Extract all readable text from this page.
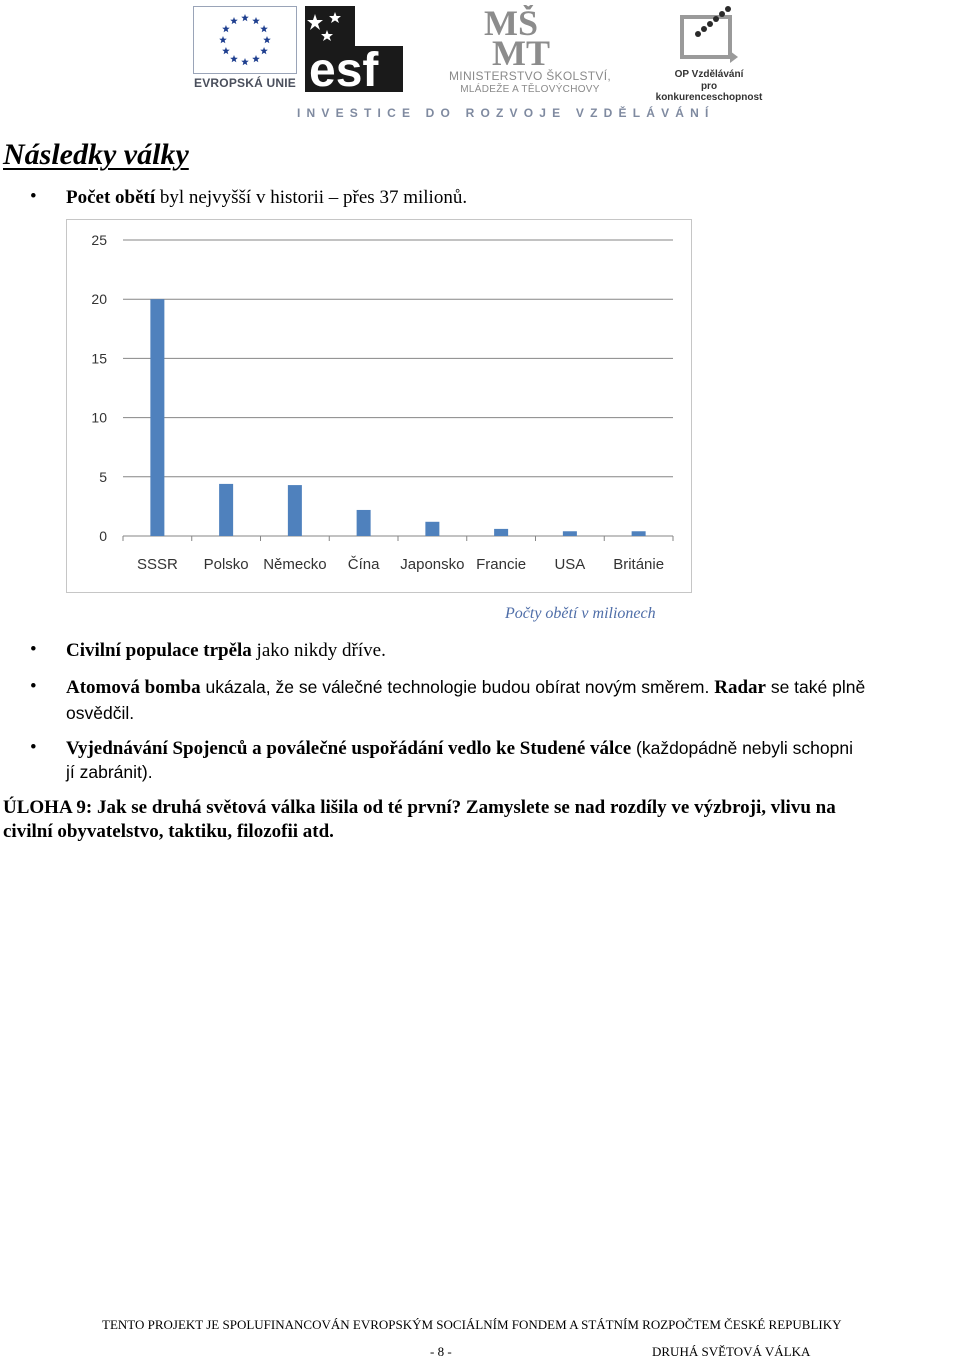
EVROPSKÁ UNIE esf
MŠ
MT
MINISTERSTVO ŠKOLSTVÍ,
MLÁDEŽE A TĚLOVÝCHOVY
OP Vzdělávání
pro konkurenceschopnost
INVESTICE DO ROZVOJE VZDĚLÁVÁNÍ
Následky války
• Počet obětí byl nejvyšší v historii – přes 37 milionů.
0
5
10
15
20
25
SSSR Polsko Německo Čína Japonsko Francie USA Británie
Počty obětí v milionech
• Civilní populace trpěla jako nikdy dříve.
• Atomová bomba ukázala, že se válečné technologie budou obírat novým směrem. Radar se také plně
osvědčil.
• Vyjednávání Spojenců a poválečné uspořádání vedlo ke Studené válce (každopádně nebyli schopni
jí zabránit).
ÚLOHA 9: Jak se druhá světová válka lišila od té první? Zamyslete se nad rozdíly ve výzbroji, vlivu na
civilní obyvatelstvo, taktiku, filozofii atd.
TENTO PROJEKT JE SPOLUFINANCOVÁN EVROPSKÝM SOCIÁLNÍM FONDEM A STÁTNÍM ROZPOČTEM ČESKÉ REPUBLIKY
- 8 -	DRUHÁ SVĚTOVÁ VÁLKA
